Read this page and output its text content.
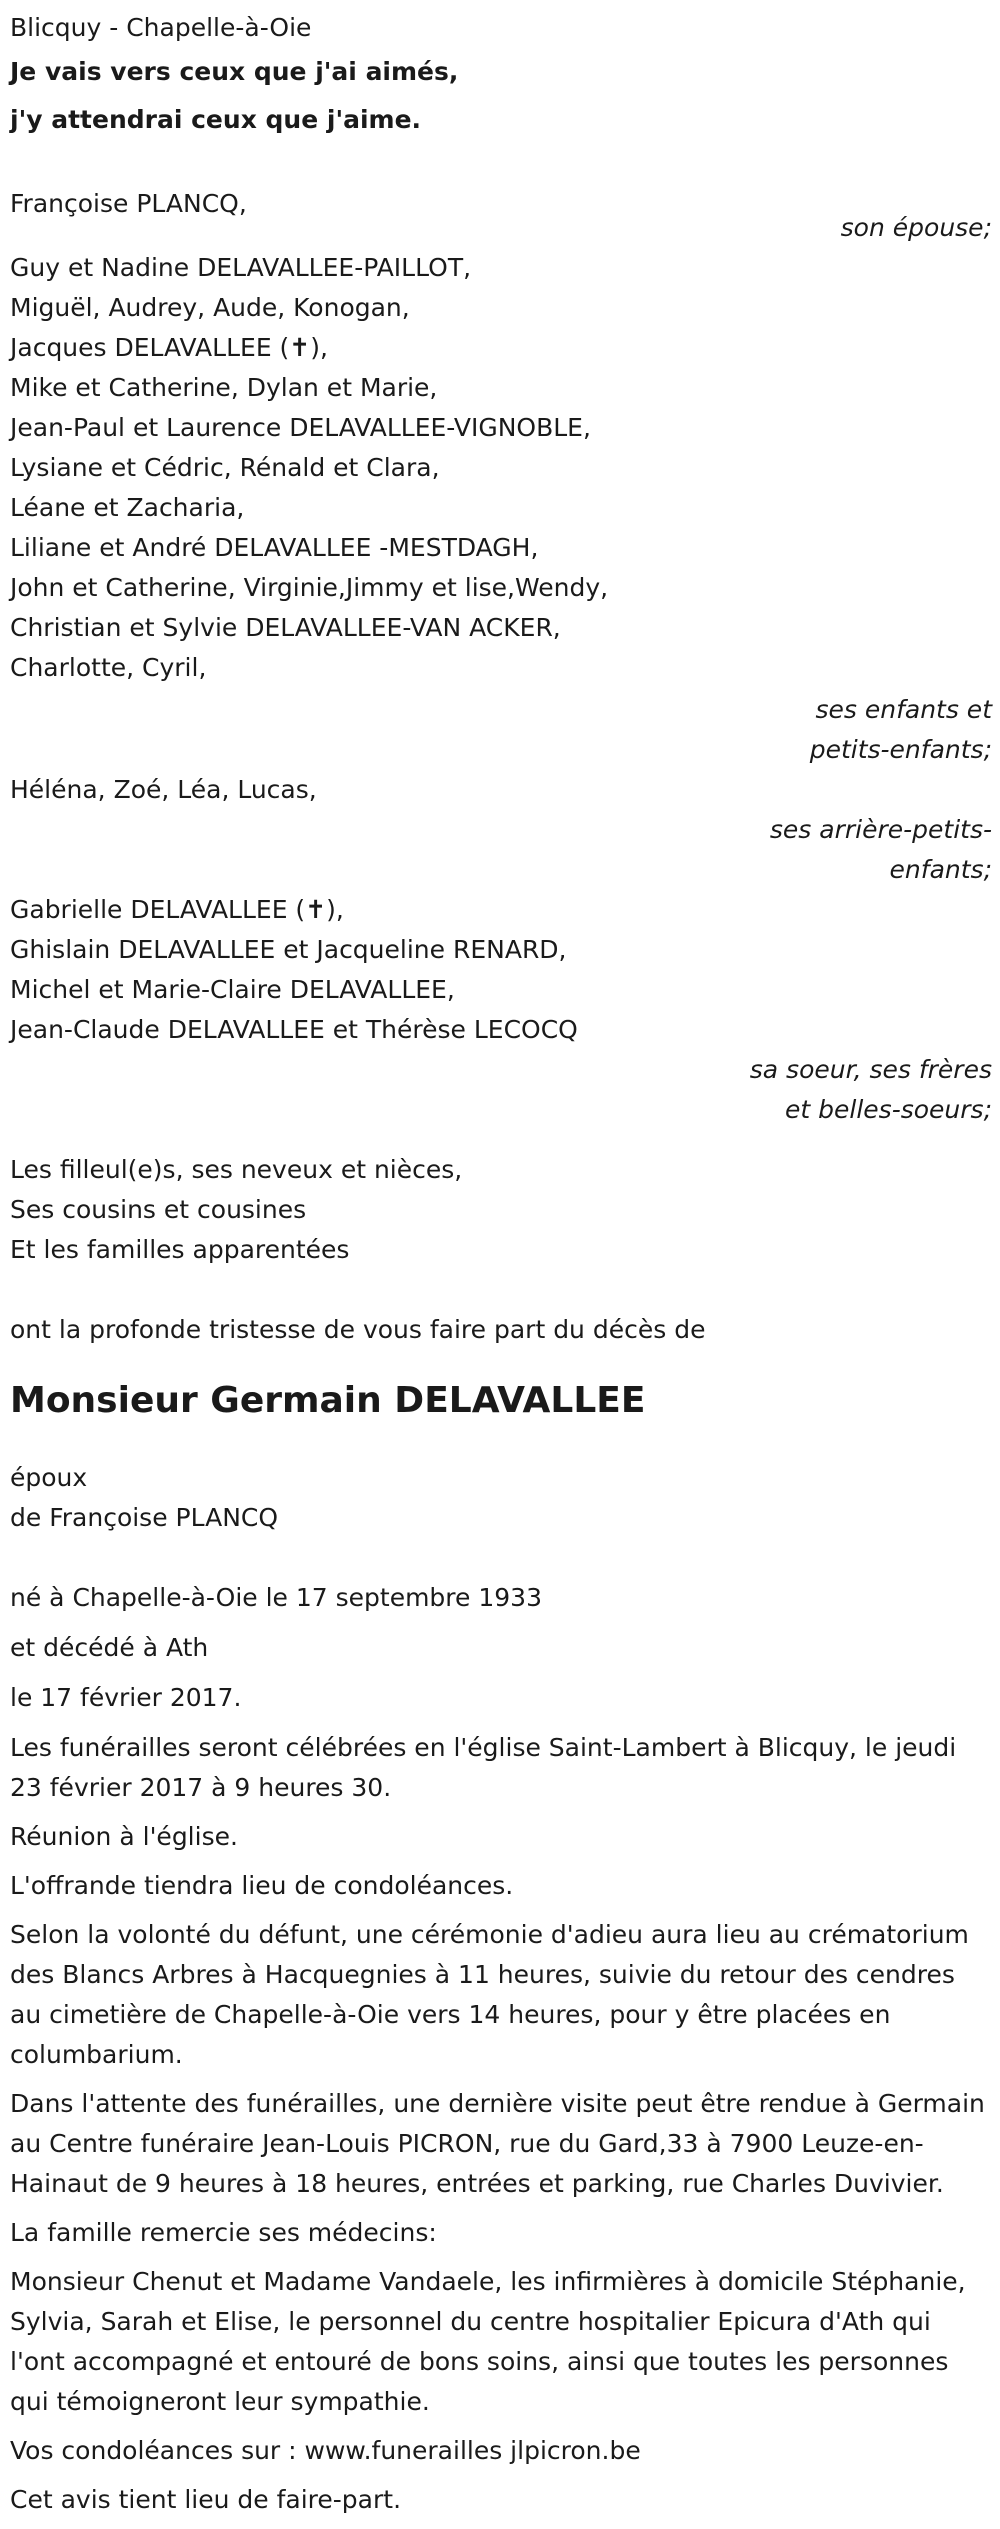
Blicquy - Chapelle-à-Oie
Je vais vers ceux que j'ai aimés,
j'y attendrai ceux que j'aime.
Françoise PLANCQ,
son épouse;
Guy et Nadine DELAVALLEE-PAILLOT,
Miguël, Audrey, Aude, Konogan,
Jacques DELAVALLEE (✝),
Mike et Catherine, Dylan et Marie,
Jean-Paul et Laurence DELAVALLEE-VIGNOBLE,
Lysiane et Cédric, Rénald et Clara,
Léane et Zacharia,
Liliane et André DELAVALLEE -MESTDAGH,
John et Catherine, Virginie,Jimmy et lise,Wendy,
Christian et Sylvie DELAVALLEE-VAN ACKER,
Charlotte, Cyril,
ses enfants et
petits-enfants;
Héléna, Zoé, Léa, Lucas,
ses arrière-petits-
enfants;
Gabrielle DELAVALLEE (✝),
Ghislain DELAVALLEE et Jacqueline RENARD,
Michel et Marie-Claire DELAVALLEE,
Jean-Claude DELAVALLEE et Thérèse LECOCQ
sa soeur, ses frères
et belles-soeurs;
Les filleul(e)s, ses neveux et nièces,
Ses cousins et cousines
Et les familles apparentées
ont la profonde tristesse de vous faire part du décès de
Monsieur Germain DELAVALLEE
époux
de Françoise PLANCQ
né à Chapelle-à-Oie le 17 septembre 1933
et décédé à Ath
le 17 février 2017.
Les funérailles seront célébrées en l'église Saint-Lambert à Blicquy, le jeudi 23 février 2017 à 9 heures 30.
Réunion à l'église.
L'offrande tiendra lieu de condoléances.
Selon la volonté du défunt, une cérémonie d'adieu aura lieu au crématorium des Blancs Arbres à Hacquegnies à 11 heures, suivie du retour des cendres au cimetière de Chapelle-à-Oie vers 14 heures, pour y être placées en columbarium.
Dans l'attente des funérailles, une dernière visite peut être rendue à Germain au Centre funéraire Jean-Louis PICRON, rue du Gard,33 à 7900 Leuze-en-Hainaut de 9 heures à 18 heures, entrées et parking, rue Charles Duvivier.
La famille remercie ses médecins:
Monsieur Chenut et Madame Vandaele, les infirmières à domicile Stéphanie, Sylvia, Sarah et Elise, le personnel du centre hospitalier Epicura d'Ath qui l'ont accompagné et entouré de bons soins, ainsi que toutes les personnes qui témoigneront leur sympathie.
Vos condoléances sur : www.funerailles jlpicron.be
Cet avis tient lieu de faire-part.
